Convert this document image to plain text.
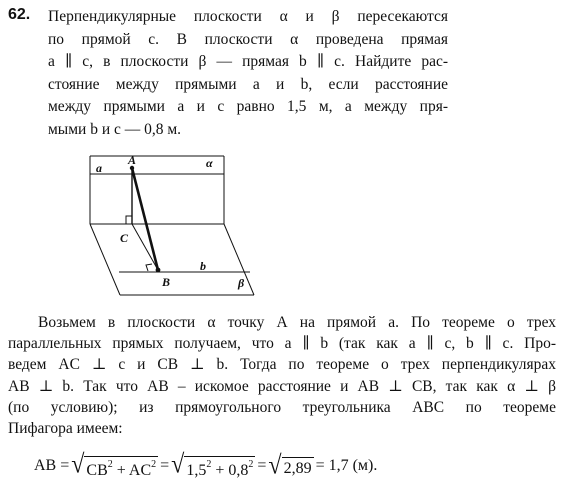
62. Перпендикулярные плоскости α и β пересекаются
по прямой c. В плоскости α проведена прямая
a ∥ c, в плоскости β — прямая b ∥ c. Найдите рас-
стояние между прямыми a и b, если расстояние
между прямыми a и c равно 1,5 м, а между пря-
мыми b и c — 0,8 м.
A	α
a
C
b
B	β
Возьмем в плоскости α точку А на прямой a. По теореме о трех
параллельных прямых получаем, что a ∥ b (так как a ∥ c, b ∥ c. Про-
ведем AC ⊥ c и CB ⊥ b. Тогда по теореме о трех перпендикулярах
AB ⊥ b. Так что AB – искомое расстояние и AB ⊥ CB, так как α ⊥ β
(по условию); из прямоугольного треугольника ABC по теореме
Пифагора имеем:
AB = √ $CB^2 + AC^2$ = √ $1,5^2 + 0,8^2$ = √ 2,89 = 1,7 (м).
